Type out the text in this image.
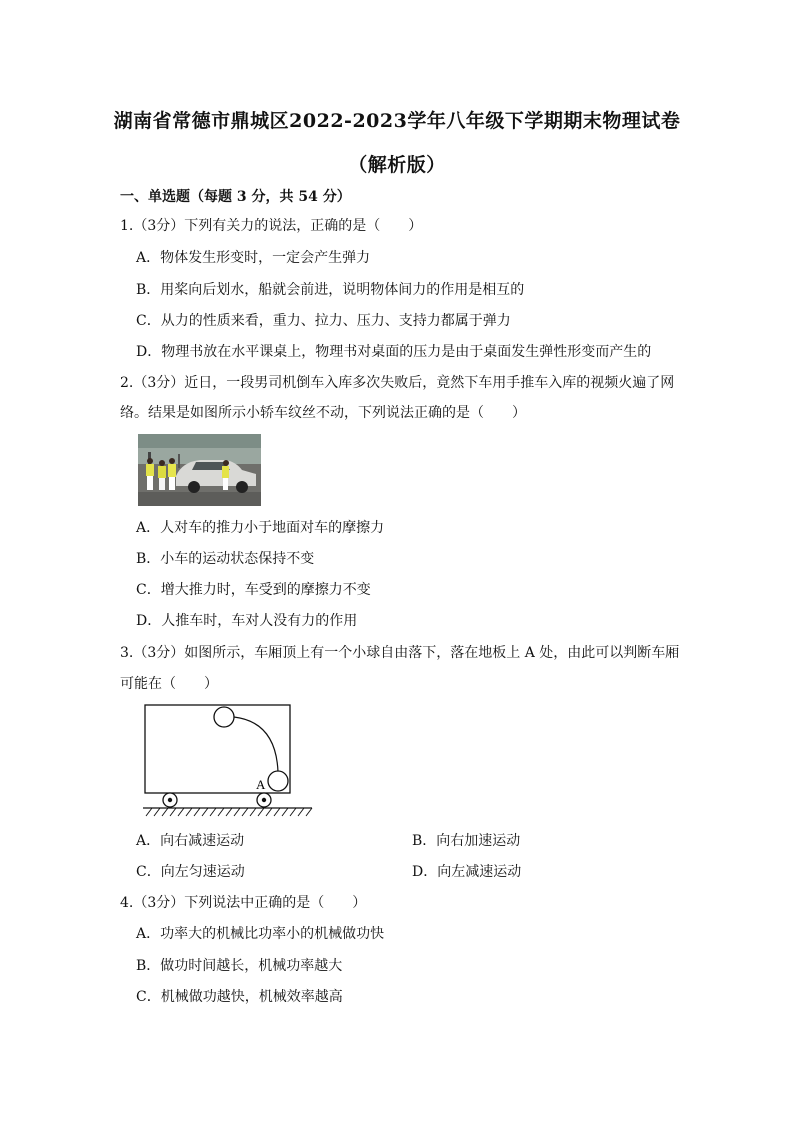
湖南省常德市鼎城区2022-2023学年八年级下学期期末物理试卷
（解析版）
一、单选题（每题 3 分，共 54 分）
1.（3分）下列有关力的说法，正确的是（　　）
A．物体发生形变时，一定会产生弹力
B．用桨向后划水，船就会前进，说明物体间力的作用是相互的
C．从力的性质来看，重力、拉力、压力、支持力都属于弹力
D．物理书放在水平课桌上，物理书对桌面的压力是由于桌面发生弹性形变而产生的
2.（3分）近日，一段男司机倒车入库多次失败后，竟然下车用手推车入库的视频火遍了网
络。结果是如图所示小轿车纹丝不动，下列说法正确的是（　　）
A．人对车的推力小于地面对车的摩擦力
B．小车的运动状态保持不变
C．增大推力时，车受到的摩擦力不变
D．人推车时，车对人没有力的作用
3.（3分）如图所示，车厢顶上有一个小球自由落下，落在地板上 A 处，由此可以判断车厢
可能在（　　）
A
A．向右减速运动	B．向右加速运动
C．向左匀速运动	D．向左减速运动
4.（3分）下列说法中正确的是（　　）
A．功率大的机械比功率小的机械做功快
B．做功时间越长，机械功率越大
C．机械做功越快，机械效率越高
